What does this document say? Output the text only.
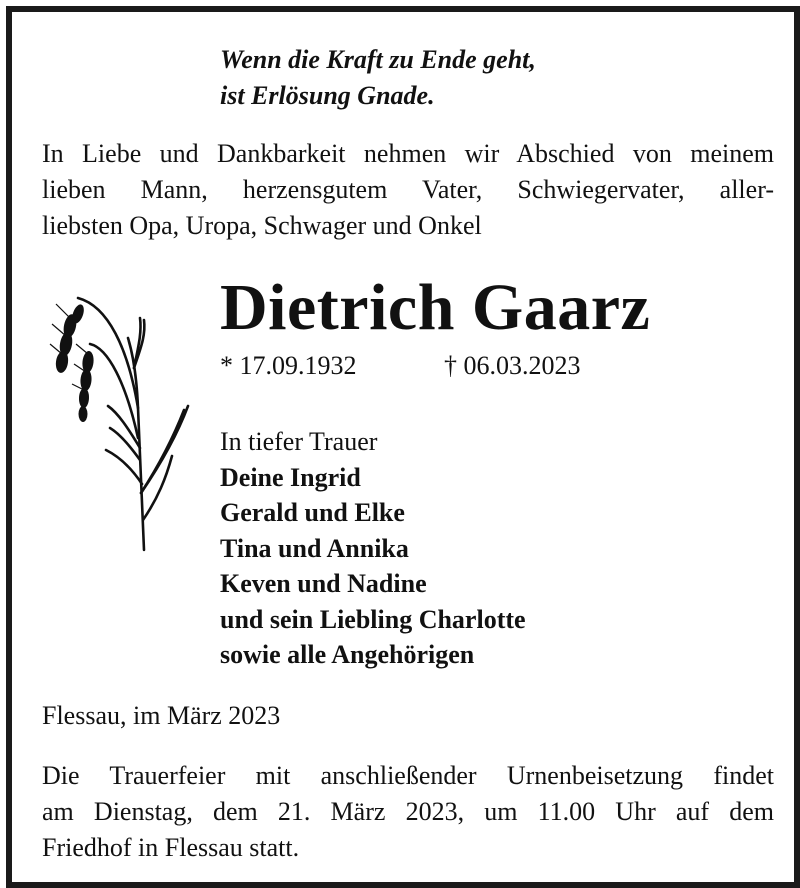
Wenn die Kraft zu Ende geht,
ist Erlösung Gnade.
In Liebe und Dankbarkeit nehmen wir Abschied von meinem
lieben Mann, herzensgutem Vater, Schwiegervater, aller-
liebsten Opa, Uropa, Schwager und Onkel
Dietrich Gaarz
* 17.09.1932	† 06.03.2023
In tiefer Trauer
Deine Ingrid
Gerald und Elke
Tina und Annika
Keven und Nadine
und sein Liebling Charlotte
sowie alle Angehörigen
Flessau, im März 2023
Die Trauerfeier mit anschließender Urnenbeisetzung findet
am Dienstag, dem 21. März 2023, um 11.00 Uhr auf dem
Friedhof in Flessau statt.
